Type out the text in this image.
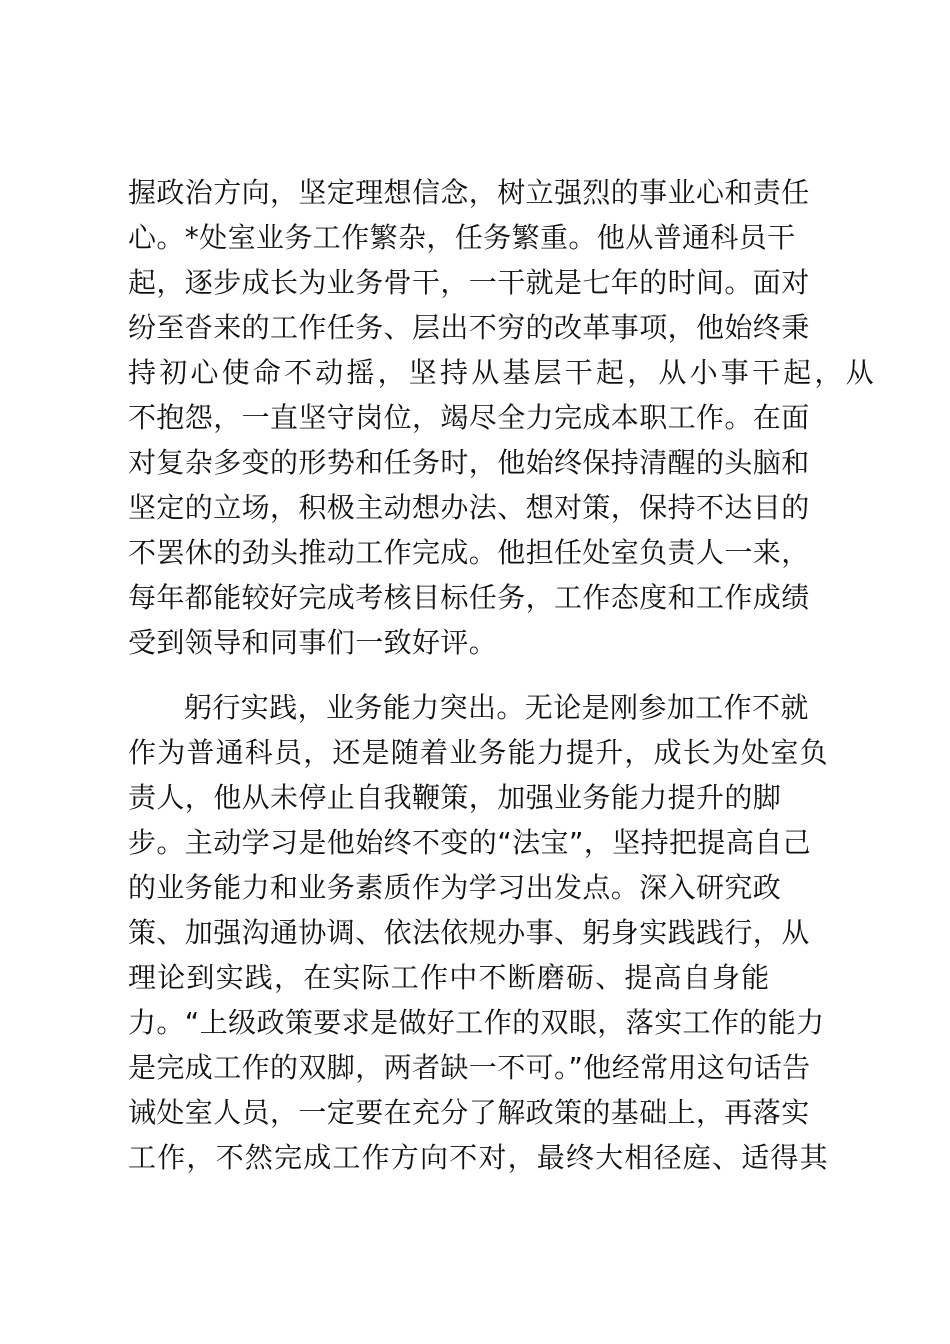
握政治方向，坚定理想信念，树立强烈的事业心和责任
心。*处室业务工作繁杂，任务繁重。他从普通科员干
起，逐步成长为业务骨干，一干就是七年的时间。面对
纷至沓来的工作任务、层出不穷的改革事项，他始终秉
持初心使命不动摇，坚持从基层干起，从小事干起，从
不抱怨，一直坚守岗位，竭尽全力完成本职工作。在面
对复杂多变的形势和任务时，他始终保持清醒的头脑和
坚定的立场，积极主动想办法、想对策，保持不达目的
不罢休的劲头推动工作完成。他担任处室负责人一来，
每年都能较好完成考核目标任务，工作态度和工作成绩
受到领导和同事们一致好评。
躬行实践，业务能力突出。无论是刚参加工作不就
作为普通科员，还是随着业务能力提升，成长为处室负
责人，他从未停止自我鞭策，加强业务能力提升的脚
步。主动学习是他始终不变的“法宝”，坚持把提高自己
的业务能力和业务素质作为学习出发点。深入研究政
策、加强沟通协调、依法依规办事、躬身实践践行，从
理论到实践，在实际工作中不断磨砺、提高自身能
力。“上级政策要求是做好工作的双眼，落实工作的能力
是完成工作的双脚，两者缺一不可。”他经常用这句话告
诫处室人员，一定要在充分了解政策的基础上，再落实
工作，不然完成工作方向不对，最终大相径庭、适得其
